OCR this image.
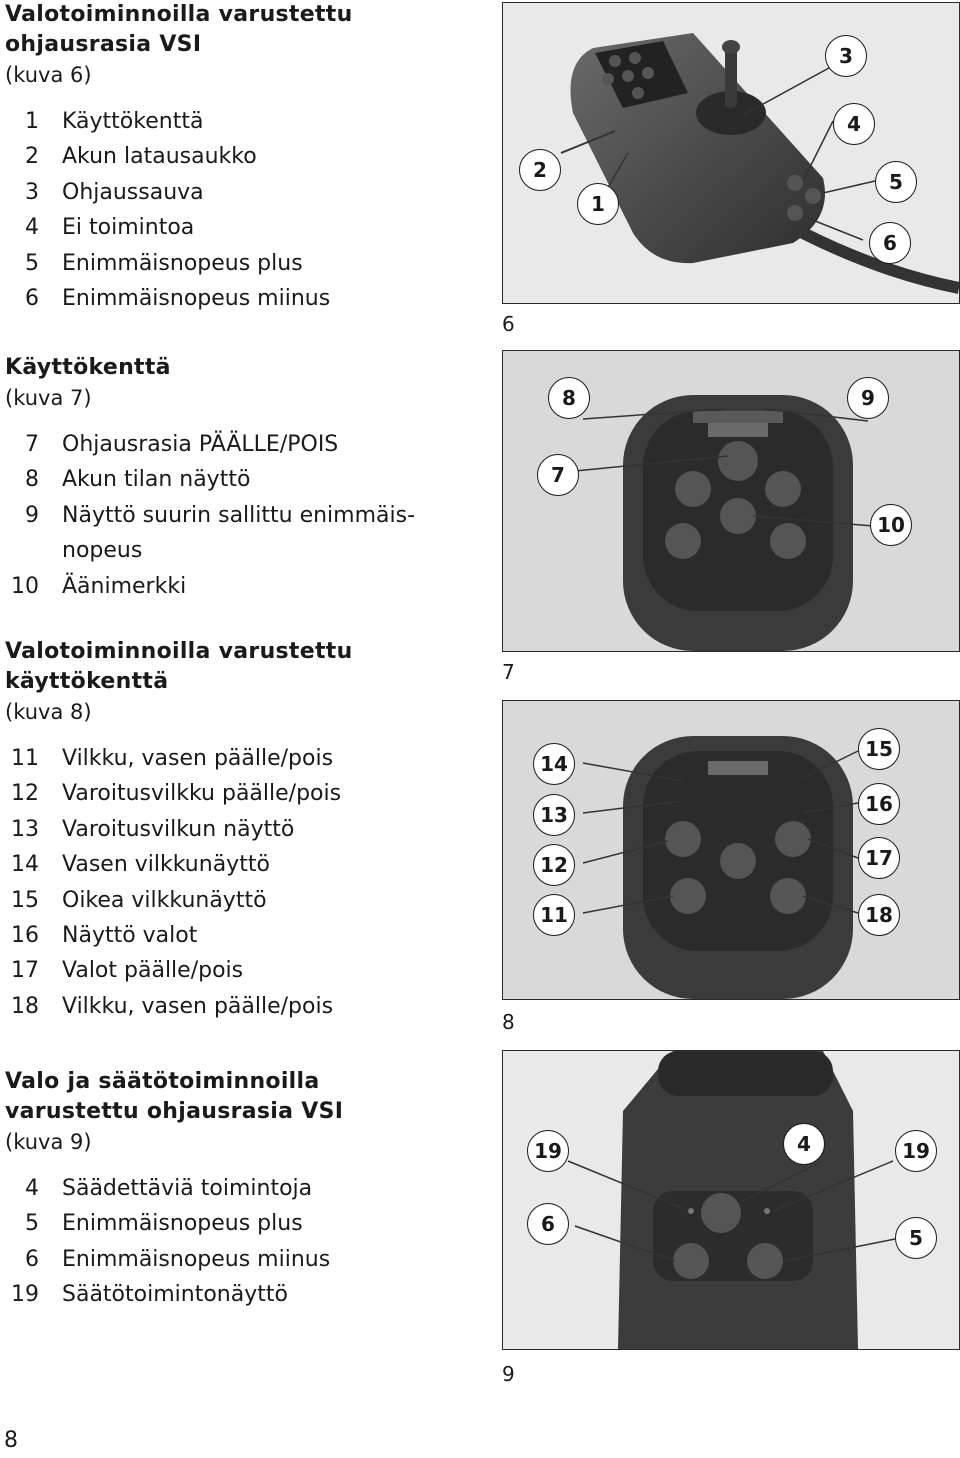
Valotoiminnoilla varustettu ohjausrasia VSI
(kuva 6)
1 Käyttökenttä
2 Akun latausaukko
3 Ohjaussauva
4 Ei toimintoa
5 Enimmäisnopeus plus
6 Enimmäisnopeus miinus
Käyttökenttä
(kuva 7)
7 Ohjausrasia PÄÄLLE/POIS
8 Akun tilan näyttö
9 Näyttö suurin sallittu enimmäis-nopeus
10 Äänimerkki
Valotoiminnoilla varustettu käyttökenttä
(kuva 8)
11 Vilkku, vasen päälle/pois
12 Varoitusvilkku päälle/pois
13 Varoitusvilkun näyttö
14 Vasen vilkkunäyttö
15 Oikea vilkkunäyttö
16 Näyttö valot
17 Valot päälle/pois
18 Vilkku, vasen päälle/pois
Valo ja säätötoiminnoilla varustettu ohjausrasia VSI
(kuva 9)
4 Säädettäviä toimintoja
5 Enimmäisnopeus plus
6 Enimmäisnopeus miinus
19 Säätötoimintonäyttö
2
1
3
4
5
6
6
8	9
7
10
7
14
13
12
11
15
16
17
18
8
19	4	19
6
5
9
8
